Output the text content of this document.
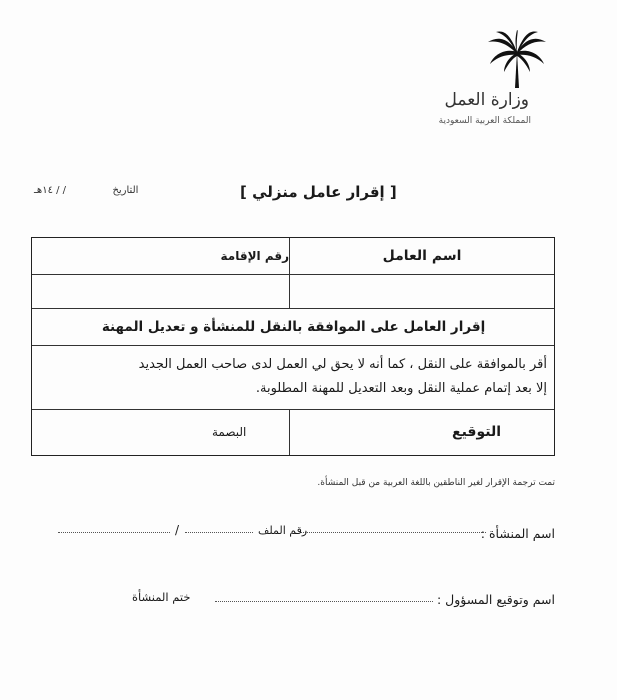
وزارة العمل
المملكة العربية السعودية
[ إقرار عامل منزلي ]
التاريخ  / / ١٤هـ
اسم العامل
رقم الإقامة
إقرار العامل على الموافقة بالنقل للمنشأة و تعديل المهنة
أقر بالموافقة على النقل ، كما أنه لا يحق لي العمل لدى صاحب العمل الجديد
إلا بعد إتمام عملية النقل وبعد التعديل للمهنة المطلوبة.
التوقيع
البصمة
تمت ترجمة الإقرار لغير الناطقين باللغة العربية من قبل المنشأة.
اسم المنشأة :
رقم الملف
/
اسم وتوقيع المسؤول :
ختم المنشأة
